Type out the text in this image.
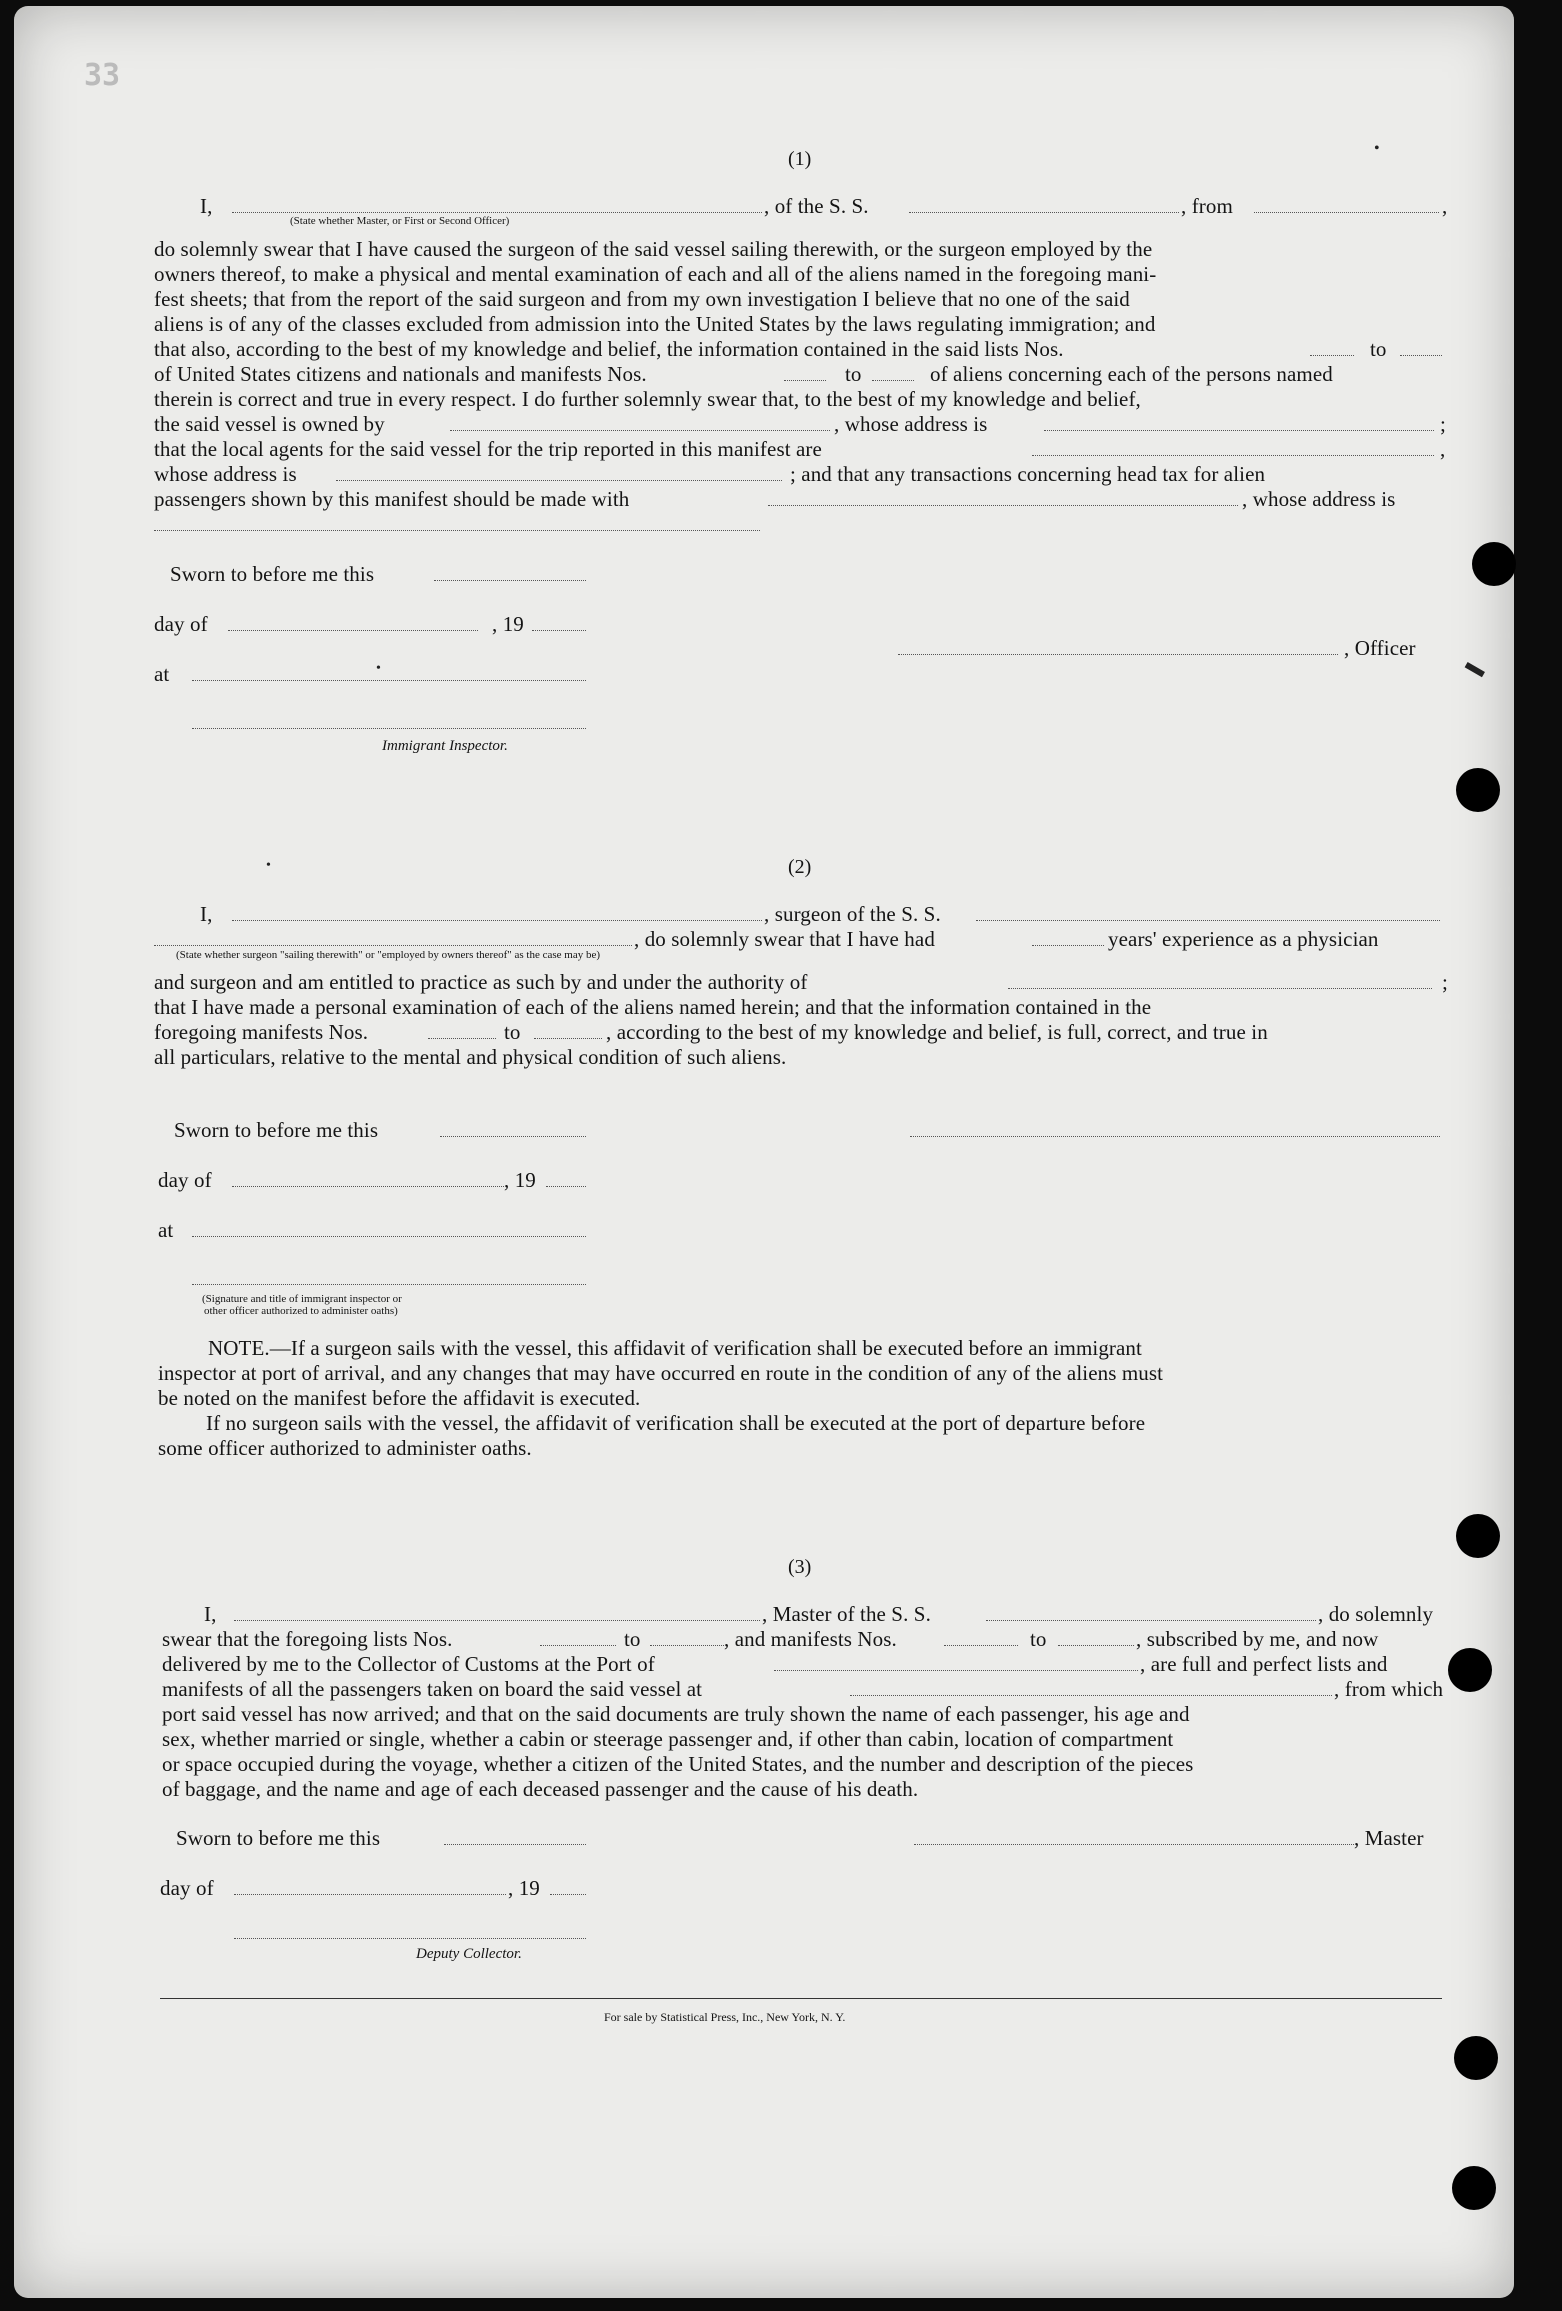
33
(1)
I,
(State whether Master, or First or Second Officer)
, of the S. S.	, from	,
do solemnly swear that I have caused the surgeon of the said vessel sailing therewith, or the surgeon employed by the
owners thereof, to make a physical and mental examination of each and all of the aliens named in the foregoing mani-
fest sheets; that from the report of the said surgeon and from my own investigation I believe that no one of the said
aliens is of any of the classes excluded from admission into the United States by the laws regulating immigration; and
that also, according to the best of my knowledge and belief, the information contained in the said lists Nos.	to
of United States citizens and nationals and manifests Nos.	to	of aliens concerning each of the persons named
therein is correct and true in every respect. I do further solemnly swear that, to the best of my knowledge and belief,
the said vessel is owned by	, whose address is	;
that the local agents for the said vessel for the trip reported in this manifest are	,
whose address is	; and that any transactions concerning head tax for alien
passengers shown by this manifest should be made with	, whose address is
Sworn to before me this
day of	, 19
, Officer
at
Immigrant Inspector.
(2)
I,	, surgeon of the S. S.
(State whether surgeon "sailing therewith" or "employed by owners thereof" as the case may be)
, do solemnly swear that I have had	years' experience as a physician
and surgeon and am entitled to practice as such by and under the authority of	;
that I have made a personal examination of each of the aliens named herein; and that the information contained in the
foregoing manifests Nos.	to	, according to the best of my knowledge and belief, is full, correct, and true in
all particulars, relative to the mental and physical condition of such aliens.
Sworn to before me this
day of	, 19
at
(Signature and title of immigrant inspector or
other officer authorized to administer oaths)
NOTE.—If a surgeon sails with the vessel, this affidavit of verification shall be executed before an immigrant
inspector at port of arrival, and any changes that may have occurred en route in the condition of any of the aliens must
be noted on the manifest before the affidavit is executed.
If no surgeon sails with the vessel, the affidavit of verification shall be executed at the port of departure before
some officer authorized to administer oaths.
(3)
I,	, Master of the S. S.	, do solemnly
swear that the foregoing lists Nos.	to	, and manifests Nos.	to	, subscribed by me, and now
delivered by me to the Collector of Customs at the Port of	, are full and perfect lists and
manifests of all the passengers taken on board the said vessel at	, from which
port said vessel has now arrived; and that on the said documents are truly shown the name of each passenger, his age and
sex, whether married or single, whether a cabin or steerage passenger and, if other than cabin, location of compartment
or space occupied during the voyage, whether a citizen of the United States, and the number and description of the pieces
of baggage, and the name and age of each deceased passenger and the cause of his death.
Sworn to before me this	, Master
day of	, 19
Deputy Collector.
For sale by Statistical Press, Inc., New York, N. Y.
•
•
•
▬
